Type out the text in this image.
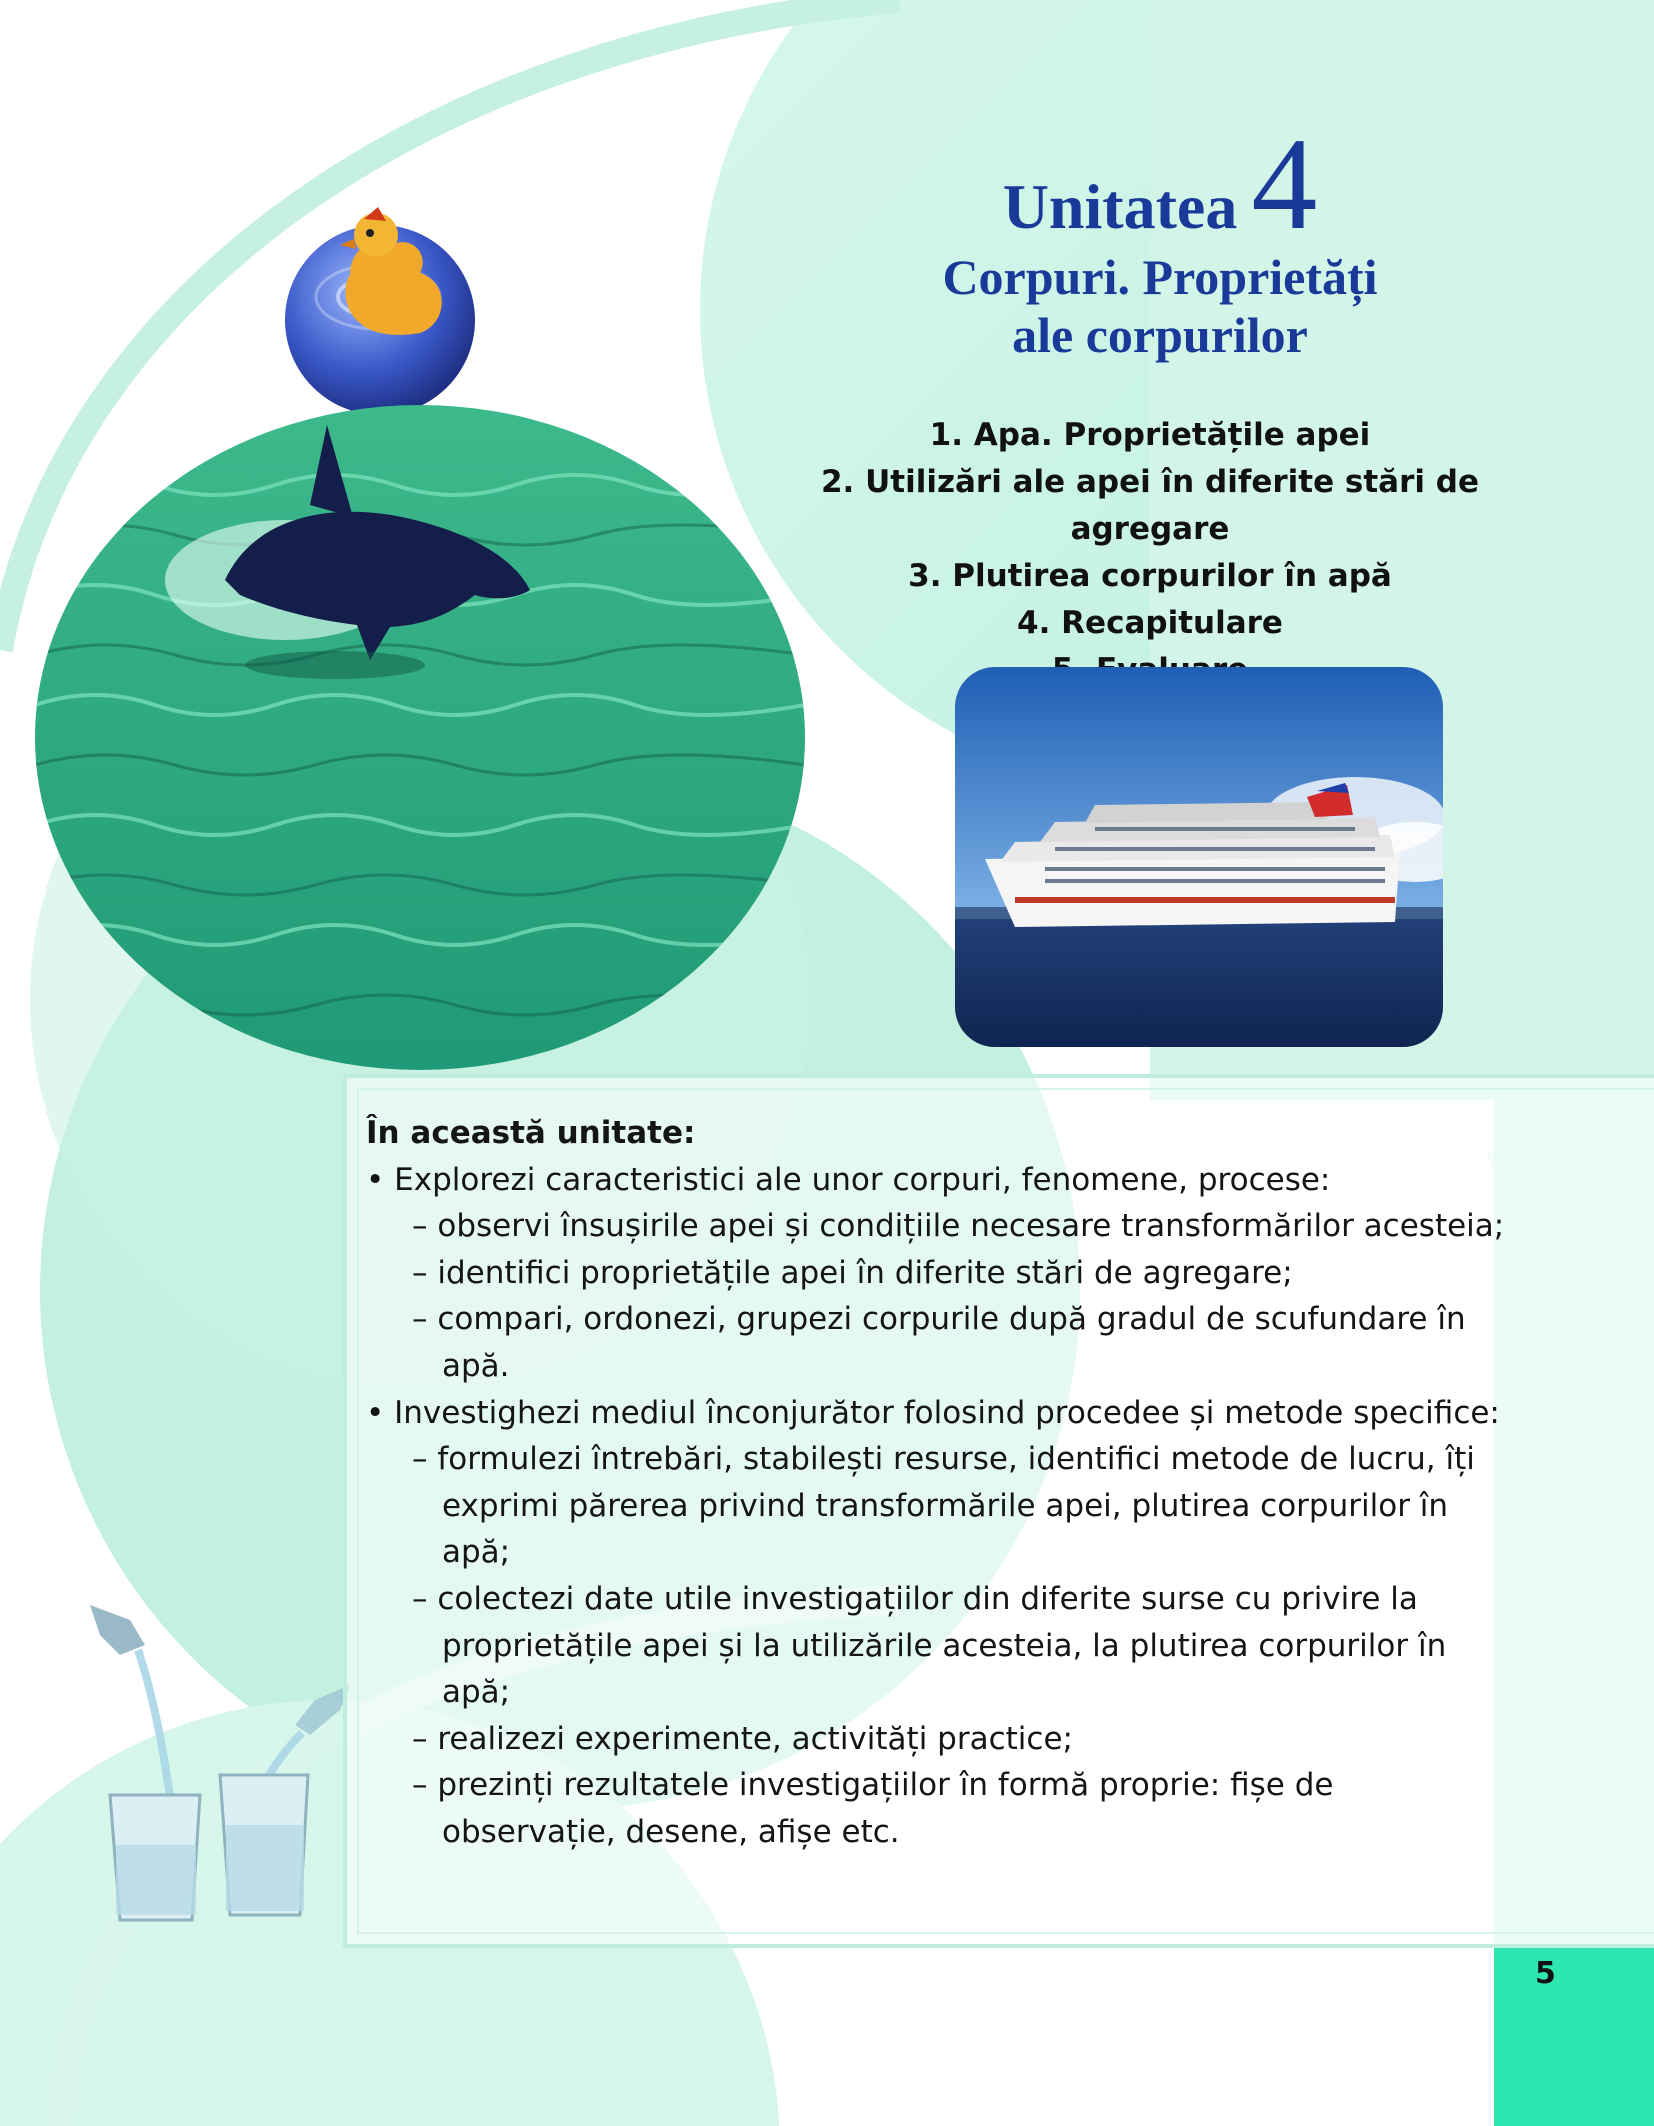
Unitatea 4
Corpuri. Proprietăți
ale corpurilor
1. Apa. Proprietățile apei
2. Utilizări ale apei în diferite stări de agregare
3. Plutirea corpurilor în apă
4. Recapitulare
În această unitate:
• Explorezi caracteristici ale unor corpuri, fenomene, procese:
– observi însușirile apei și condițiile necesare transformărilor acesteia;
– identifici proprietățile apei în diferite stări de agregare;
– compari, ordonezi, grupezi corpurile după gradul de scufundare în apă.
• Investighezi mediul înconjurător folosind procedee și metode specifice:
– formulezi întrebări, stabilești resurse, identifici metode de lucru, îți exprimi părerea privind transformările apei, plutirea corpurilor în apă;
– colectezi date utile investigațiilor din diferite surse cu privire la proprietățile apei și la utilizările acesteia, la plutirea corpurilor în apă;
– realizezi experimente, activități practice;
– prezinți rezultatele investigațiilor în formă proprie: fișe de observație, desene, afișe etc.
5
